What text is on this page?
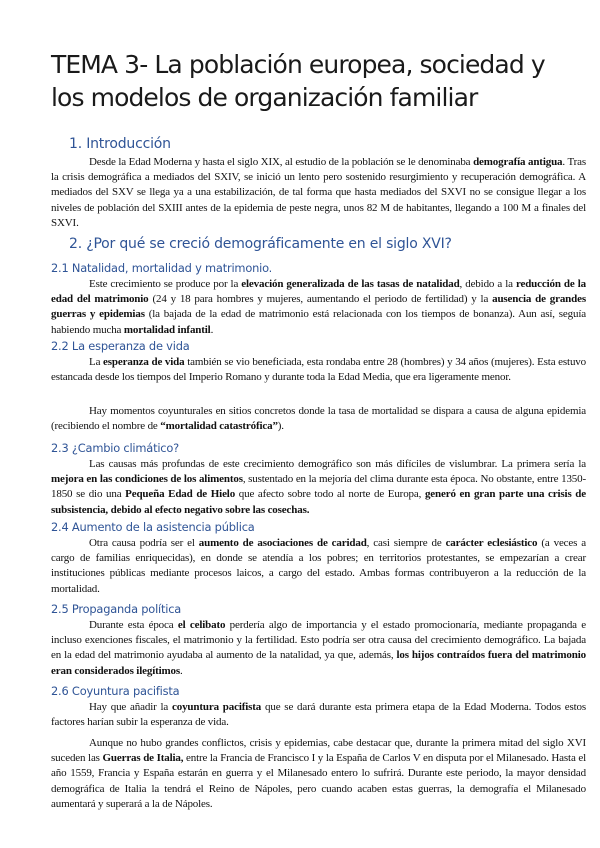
TEMA 3- La población europea, sociedad y los modelos de organización familiar
1. Introducción
Desde la Edad Moderna y hasta el siglo XIX, al estudio de la población se le denominaba demografía antigua. Tras la crisis demográfica a mediados del SXIV, se inició un lento pero sostenido resurgimiento y recuperación demográfica. A mediados del SXV se llega ya a una estabilización, de tal forma que hasta mediados del SXVI no se consigue llegar a los niveles de población del SXIII antes de la epidemia de peste negra, unos 82 M de habitantes, llegando a 100 M a finales del SXVI.
2. ¿Por qué se creció demográficamente en el siglo XVI?
2.1 Natalidad, mortalidad y matrimonio.
Este crecimiento se produce por la elevación generalizada de las tasas de natalidad, debido a la reducción de la edad del matrimonio (24 y 18 para hombres y mujeres, aumentando el periodo de fertilidad) y la ausencia de grandes guerras y epidemias (la bajada de la edad de matrimonio está relacionada con los tiempos de bonanza). Aun así, seguía habiendo mucha mortalidad infantil.
2.2 La esperanza de vida
La esperanza de vida también se vio beneficiada, esta rondaba entre 28 (hombres) y 34 años (mujeres). Esta estuvo estancada desde los tiempos del Imperio Romano y durante toda la Edad Media, que era ligeramente menor.
Hay momentos coyunturales en sitios concretos donde la tasa de mortalidad se dispara a causa de alguna epidemia (recibiendo el nombre de “mortalidad catastrófica”).
2.3 ¿Cambio climático?
Las causas más profundas de este crecimiento demográfico son más difíciles de vislumbrar. La primera sería la mejora en las condiciones de los alimentos, sustentado en la mejoría del clima durante esta época. No obstante, entre 1350-1850 se dio una Pequeña Edad de Hielo que afecto sobre todo al norte de Europa, generó en gran parte una crisis de subsistencia, debido al efecto negativo sobre las cosechas.
2.4 Aumento de la asistencia pública
Otra causa podría ser el aumento de asociaciones de caridad, casi siempre de carácter eclesiástico (a veces a cargo de familias enriquecidas), en donde se atendía a los pobres; en territorios protestantes, se empezarían a crear instituciones públicas mediante procesos laicos, a cargo del estado. Ambas formas contribuyeron a la reducción de la mortalidad.
2.5 Propaganda política
Durante esta época el celibato perdería algo de importancia y el estado promocionaría, mediante propaganda e incluso exenciones fiscales, el matrimonio y la fertilidad. Esto podría ser otra causa del crecimiento demográfico. La bajada en la edad del matrimonio ayudaba al aumento de la natalidad, ya que, además, los hijos contraídos fuera del matrimonio eran considerados ilegítimos.
2.6 Coyuntura pacifista
Hay que añadir la coyuntura pacifista que se dará durante esta primera etapa de la Edad Moderna. Todos estos factores harían subir la esperanza de vida.
Aunque no hubo grandes conflictos, crisis y epidemias, cabe destacar que, durante la primera mitad del siglo XVI suceden las Guerras de Italia, entre la Francia de Francisco I y la España de Carlos V en disputa por el Milanesado. Hasta el año 1559, Francia y España estarán en guerra y el Milanesado entero lo sufrirá. Durante este periodo, la mayor densidad demográfica de Italia la tendrá el Reino de Nápoles, pero cuando acaben estas guerras, la demografía el Milanesado aumentará y superará a la de Nápoles.
